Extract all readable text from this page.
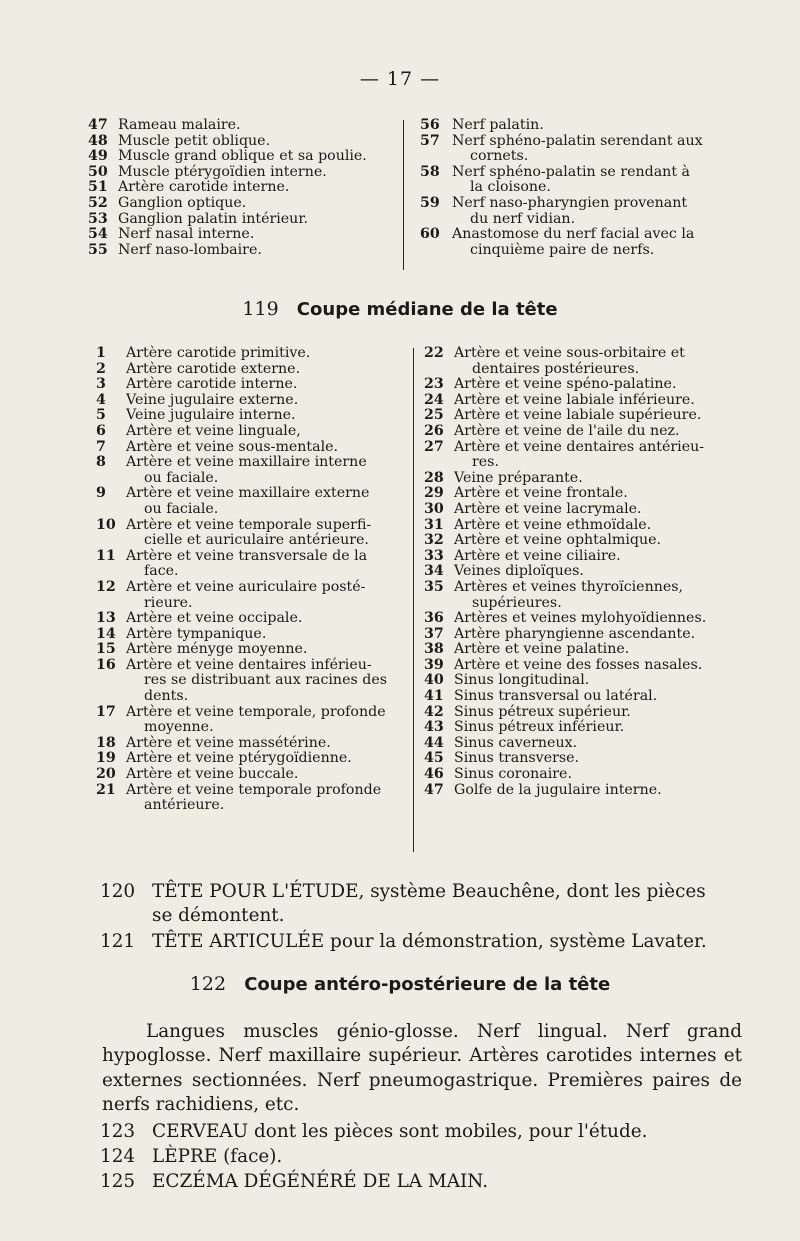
— 17 —
47 Rameau malaire.
48 Muscle petit oblique.
49 Muscle grand oblique et sa poulie.
50 Muscle ptérygoïdien interne.
51 Artère carotide interne.
52 Ganglion optique.
53 Ganglion palatin intérieur.
54 Nerf nasal interne.
55 Nerf naso-lombaire.
56 Nerf palatin.
57 Nerf sphéno-palatin serendant aux
cornets.
58 Nerf sphéno-palatin se rendant à
la cloisone.
59 Nerf naso-pharyngien provenant
du nerf vidian.
60 Anastomose du nerf facial avec la
cinquième paire de nerfs.
119 Coupe médiane de la tête
1	Artère carotide primitive.
2	Artère carotide externe.
3	Artère carotide interne.
4	Veine jugulaire externe.
5	Veine jugulaire interne.
6	Artère et veine linguale,
7	Artère et veine sous-mentale.
8	Artère et veine maxillaire interne
ou faciale.
9	Artère et veine maxillaire externe
ou faciale.
10 Artère et veine temporale superfi-
cielle et auriculaire antérieure.
11 Artère et veine transversale de la
face.
12 Artère et veine auriculaire posté-
rieure.
13 Artère et veine occipale.
14 Artère tympanique.
15 Artère ményge moyenne.
16 Artère et veine dentaires inférieu-
res se distribuant aux racines des
dents.
17 Artère et veine temporale, profonde
moyenne.
18 Artère et veine massétérine.
19 Artère et veine ptérygoïdienne.
20 Artère et veine buccale.
21 Artère et veine temporale profonde
antérieure.
22 Artère et veine sous-orbitaire et
dentaires postérieures.
23 Artère et veine spéno-palatine.
24 Artère et veine labiale inférieure.
25 Artère et veine labiale supérieure.
26 Artère et veine de l'aile du nez.
27 Artère et veine dentaires antérieu-
res.
28 Veine préparante.
29 Artère et veine frontale.
30 Artère et veine lacrymale.
31 Artère et veine ethmoïdale.
32 Artère et veine ophtalmique.
33 Artère et veine ciliaire.
34 Veines diploïques.
35 Artères et veines thyroïciennes,
supérieures.
36 Artères et veines mylohyoïdiennes.
37 Artère pharyngienne ascendante.
38 Artère et veine palatine.
39 Artère et veine des fosses nasales.
40 Sinus longitudinal.
41 Sinus transversal ou latéral.
42 Sinus pétreux supérieur.
43 Sinus pétreux inférieur.
44 Sinus caverneux.
45 Sinus transverse.
46 Sinus coronaire.
47 Golfe de la jugulaire interne.
120 TÊTE POUR L'ÉTUDE, système Beauchêne, dont les pièces
se démontent.
121 TÊTE ARTICULÉE pour la démonstration, système Lavater.
122 Coupe antéro-postérieure de la tête
Langues muscles génio-glosse. Nerf lingual. Nerf grand hypoglosse. Nerf maxillaire supérieur. Artères carotides internes et externes sectionnées. Nerf pneumogastrique. Premières paires de nerfs rachidiens, etc.
123 CERVEAU dont les pièces sont mobiles, pour l'étude.
124 LÈPRE (face).
125 ECZÉMA DÉGÉNÉRÉ DE LA MAIN.
